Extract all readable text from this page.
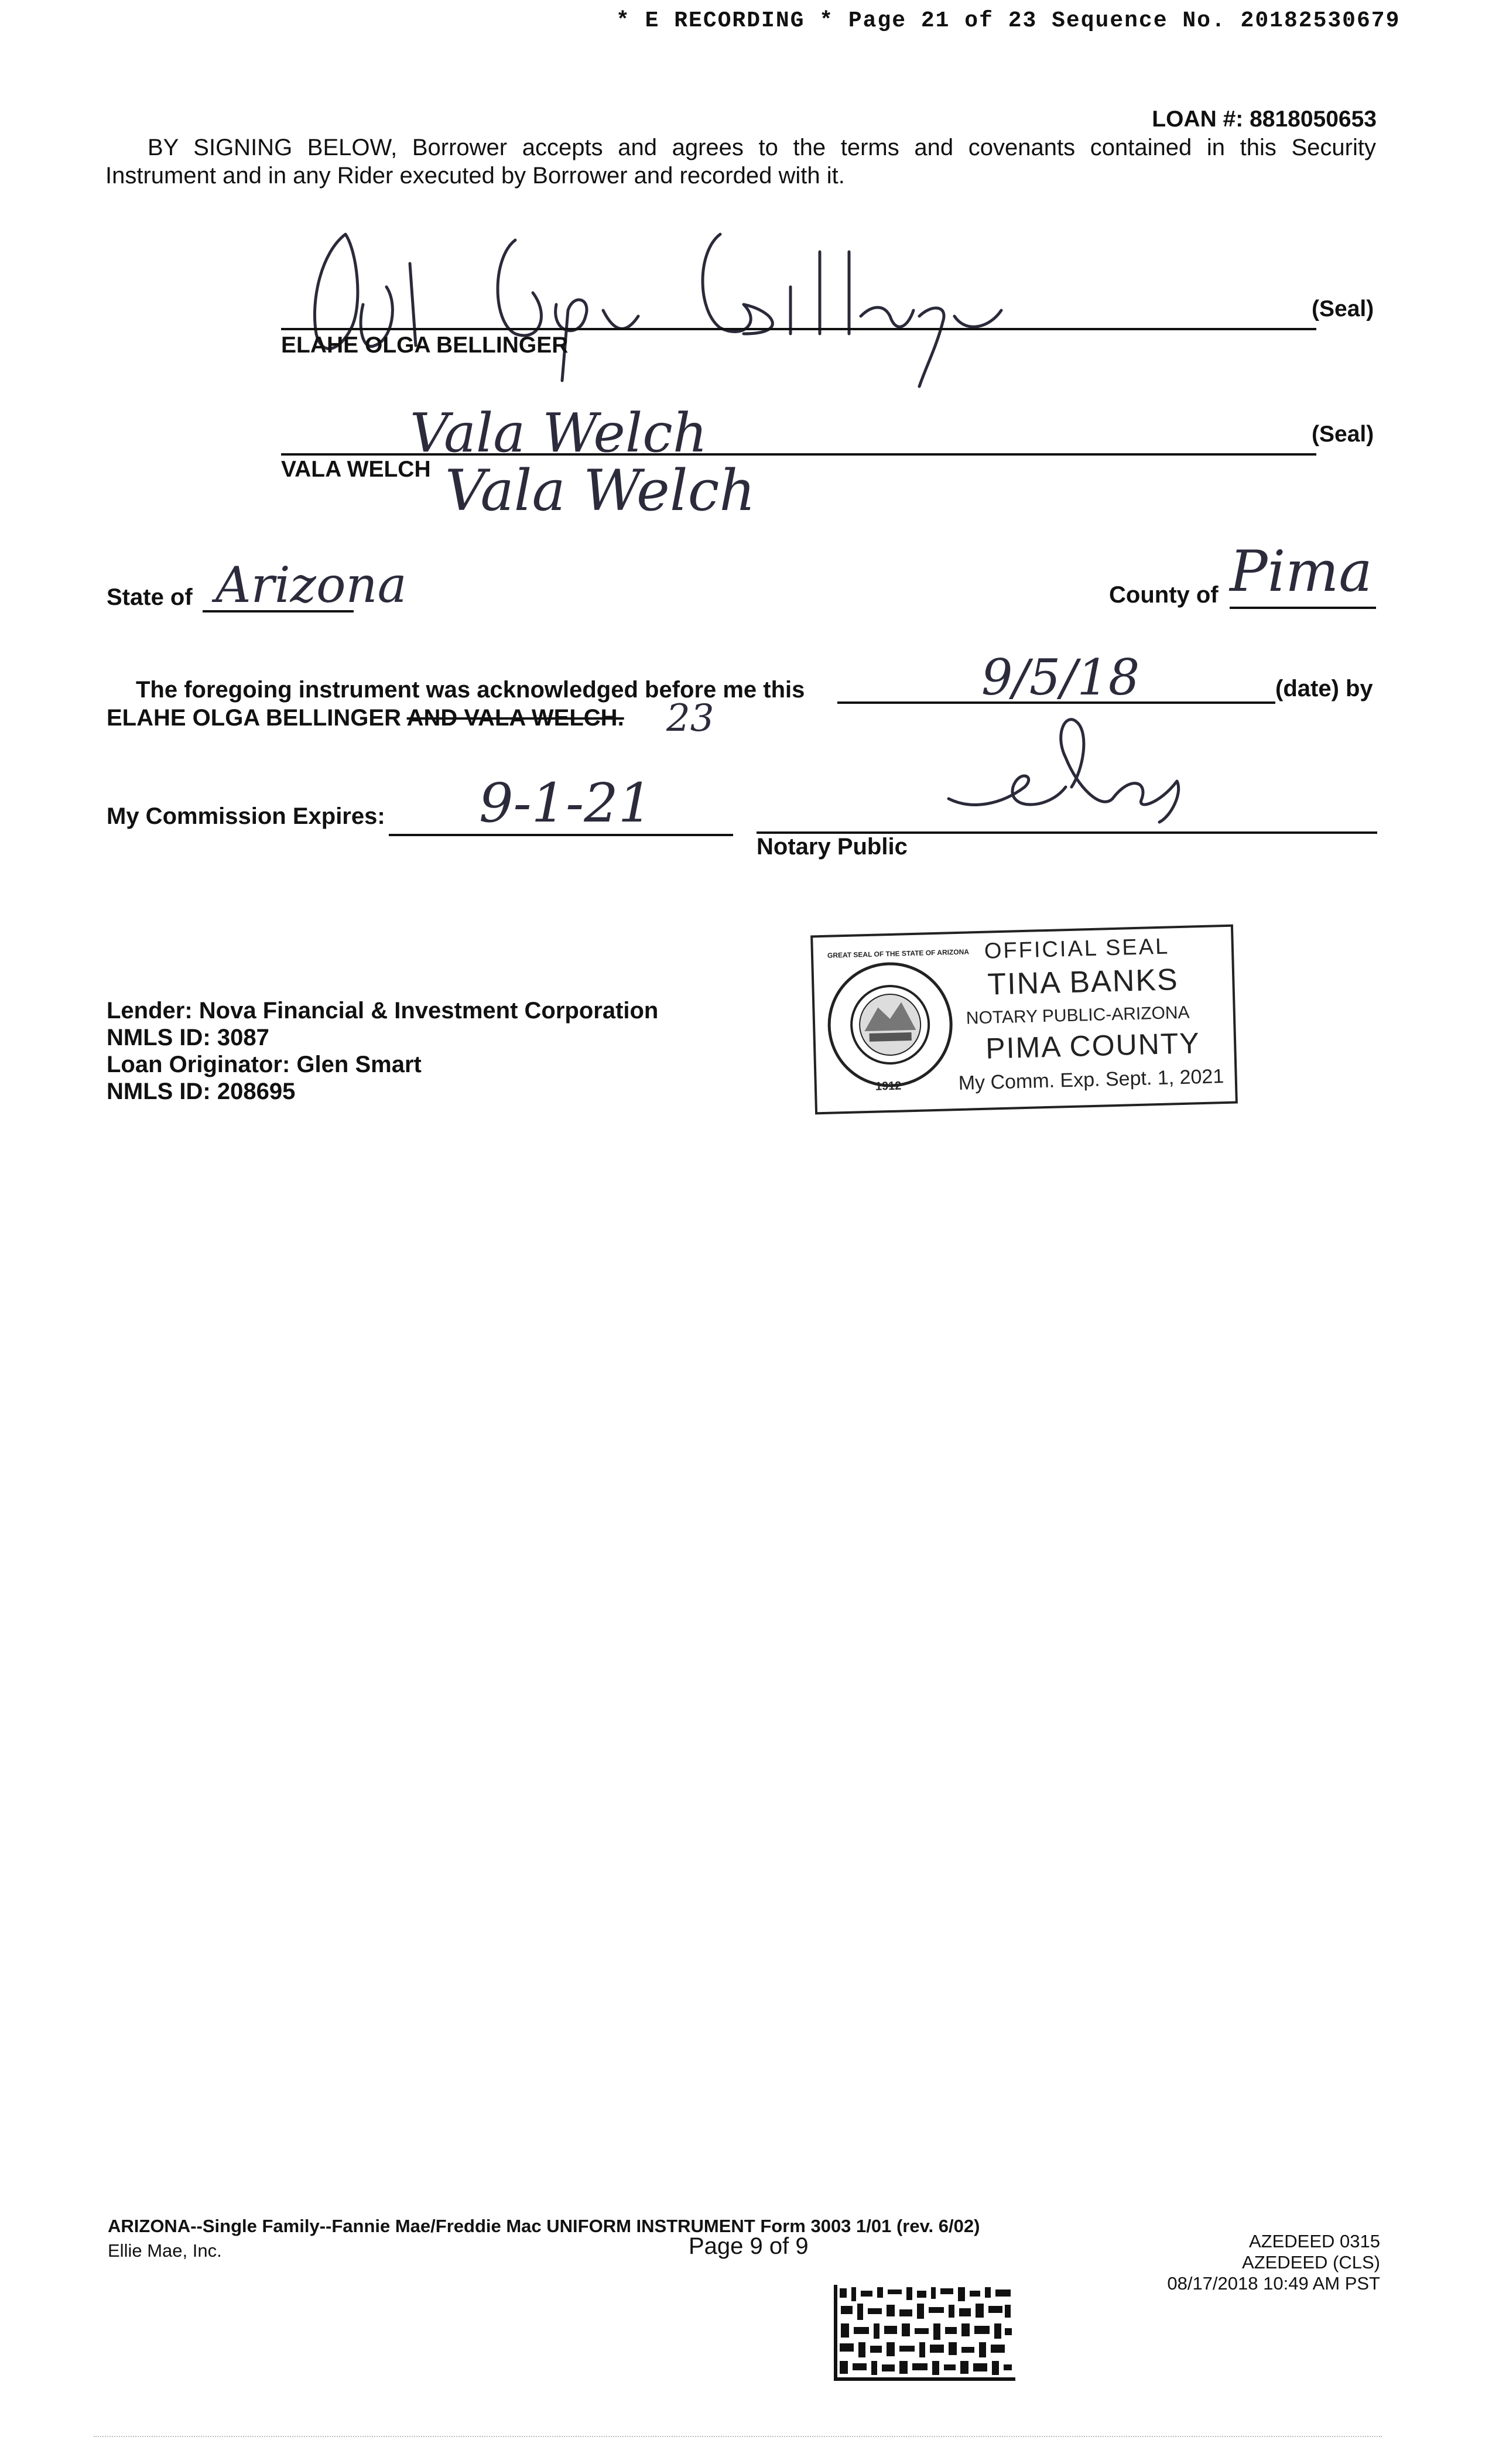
* E RECORDING * Page 21 of 23 Sequence No. 20182530679
LOAN #: 8818050653
BY SIGNING BELOW, Borrower accepts and agrees to the terms and covenants contained in this Security
Instrument and in any Rider executed by Borrower and recorded with it.
ELAHE OLGA BELLINGER
(Seal)
Vala Welch	(Seal)
VALA WELCH Vala Welch
State of Arizona	County of Pima
The foregoing instrument was acknowledged before me this	9/5/18	(date) by
ELAHE OLGA BELLINGER AND VALA WELCH. 23
My Commission Expires: 9-1-21
Notary Public
Lender: Nova Financial & Investment Corporation
NMLS ID: 3087
Loan Originator: Glen Smart
NMLS ID: 208695
GREAT SEAL OF THE STATE OF ARIZONA
1912
OFFICIAL SEAL
TINA BANKS
NOTARY PUBLIC-ARIZONA
PIMA COUNTY
My Comm. Exp. Sept. 1, 2021
ARIZONA--Single Family--Fannie Mae/Freddie Mac UNIFORM INSTRUMENT Form 3003 1/01 (rev. 6/02)
Ellie Mae, Inc.	Page 9 of 9	AZEDEED 0315
AZEDEED (CLS)
08/17/2018 10:49 AM PST
